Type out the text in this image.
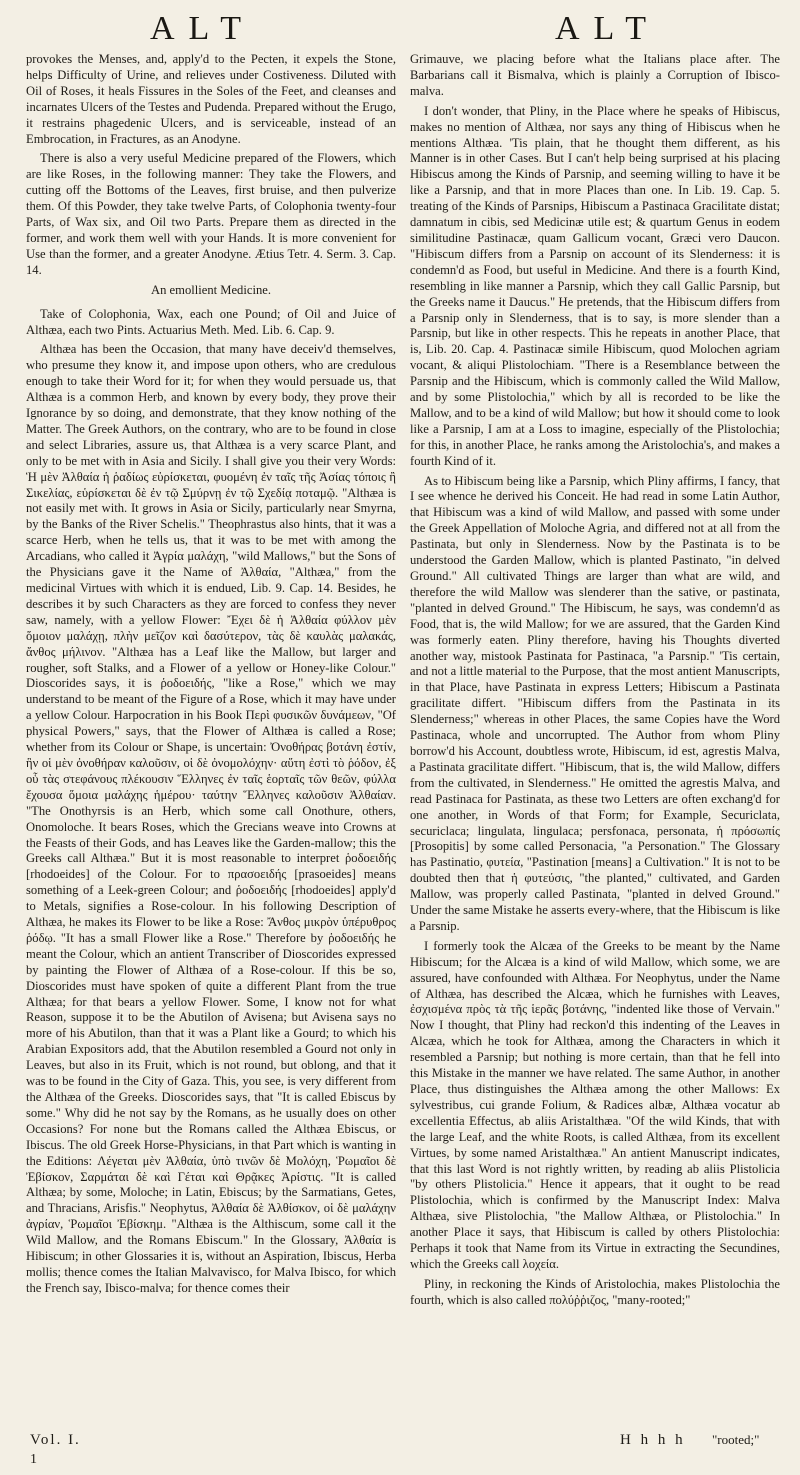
ALT	ALT

provokes the Menses, and, apply'd to the Pecten, it expels the Stone, helps Difficulty of Urine, and relieves under Costiveness. Diluted with Oil of Roses, it heals Fissures in the Soles of the Feet, and cleanses and incarnates Ulcers of the Testes and Pudenda. Prepared without the Erugo, it restrains phagedenic Ulcers, and is serviceable, instead of an Embrocation, in Fractures, as an Anodyne.

There is also a very useful Medicine prepared of the Flowers, which are like Roses, in the following manner: They take the Flowers, and cutting off the Bottoms of the Leaves, first bruise, and then pulverize them. Of this Powder, they take twelve Parts, of Colophonia twenty-four Parts, of Wax six, and Oil two Parts. Prepare them as directed in the former, and work them well with your Hands. It is more convenient for Use than the former, and a greater Anodyne. Ætius Tetr. 4. Serm. 3. Cap. 14.

An emollient Medicine.

Take of Colophonia, Wax, each one Pound; of Oil and Juice of Althæa, each two Pints. Actuarius Meth. Med. Lib. 6. Cap. 9.

Althæa has been the Occasion, that many have deceiv'd themselves, who presume they know it, and impose upon others, who are credulous enough to take their Word for it; for when they would persuade us, that Althæa is a common Herb, and known by every body, they prove their Ignorance by so doing, and demonstrate, that they know nothing of the Matter. The Greek Authors, on the contrary, who are to be found in close and select Libraries, assure us, that Althæa is a very scarce Plant, and only to be met with in Asia and Sicily. I shall give you their very Words: Ἡ μὲν Ἀλθαία ἡ ῥαδίως εὑρίσκεται, φυομένη ἐν ταῖς τῆς Ἀσίας τόποις ἢ Σικελίας, εὑρίσκεται δὲ ἐν τῷ Σμύρνῃ ἐν τῷ Σχεδίᾳ ποταμῷ. "Althæa is not easily met with. It grows in Asia or Sicily, particularly near Smyrna, by the Banks of the River Schelis." Theophrastus also hints, that it was a scarce Herb, when he tells us, that it was to be met with among the Arcadians, who called it Ἀγρία μαλάχη, "wild Mallows," but the Sons of the Physicians gave it the Name of Ἀλθαία, "Althæa," from the medicinal Virtues with which it is endued, Lib. 9. Cap. 14. Besides, he describes it by such Characters as they are forced to confess they never saw, namely, with a yellow Flower: Ἔχει δὲ ἡ Ἀλθαία φύλλον μὲν ὅμοιον μαλάχῃ, πλὴν μεῖζον καὶ δασύτερον, τὰς δὲ καυλὰς μαλακάς, ἄνθος μήλινον. "Althæa has a Leaf like the Mallow, but larger and rougher, soft Stalks, and a Flower of a yellow or Honey-like Colour." Dioscorides says, it is ῥοδοειδής, "like a Rose," which we may understand to be meant of the Figure of a Rose, which it may have under a yellow Colour. Harpocration in his Book Περὶ φυσικῶν δυνάμεων, "Of physical Powers," says, that the Flower of Althæa is called a Rose; whether from its Colour or Shape, is uncertain: Ὀνοθήρας βοτάνη ἐστίν, ἣν οἱ μὲν ὀνοθήραν καλοῦσιν, οἱ δὲ ὀνομολόχην· αὕτη ἐστὶ τὸ ῥόδον, ἐξ οὗ τὰς στεφάνους πλέκουσιν Ἕλληνες ἐν ταῖς ἑορταῖς τῶν θεῶν, φύλλα ἔχουσα ὅμοια μαλάχης ἡμέρου· ταύτην Ἕλληνες καλοῦσιν Ἀλθαίαν. "The Onothyrsis is an Herb, which some call Onothure, others, Onomoloche. It bears Roses, which the Grecians weave into Crowns at the Feasts of their Gods, and has Leaves like the Garden-mallow; this the Greeks call Althæa." But it is most reasonable to interpret ῥοδοειδής [rhodoeides] of the Colour. For to πρασοειδής [prasoeides] means something of a Leek-green Colour; and ῥοδοειδής [rhodoeides] apply'd to Metals, signifies a Rose-colour. In his following Description of Althæa, he makes its Flower to be like a Rose: Ἄνθος μικρὸν ὑπέρυθρος ῥόδῳ. "It has a small Flower like a Rose." Therefore by ῥοδοειδής he meant the Colour, which an antient Transcriber of Dioscorides expressed by painting the Flower of Althæa of a Rose-colour. If this be so, Dioscorides must have spoken of quite a different Plant from the true Althæa; for that bears a yellow Flower. Some, I know not for what Reason, suppose it to be the Abutilon of Avisena; but Avisena says no more of his Abutilon, than that it was a Plant like a Gourd; to which his Arabian Expositors add, that the Abutilon resembled a Gourd not only in Leaves, but also in its Fruit, which is not round, but oblong, and that it was to be found in the City of Gaza. This, you see, is very different from the Althæa of the Greeks. Dioscorides says, that "It is called Ebiscus by some." Why did he not say by the Romans, as he usually does on other Occasions? For none but the Romans called the Althæa Ebiscus, or Ibiscus. The old Greek Horse-Physicians, in that Part which is wanting in the Editions: Λέγεται μὲν Ἀλθαία, ὑπὸ τινῶν δὲ Μολόχη, Ῥωμαῖοι δὲ Ἐβίσκον, Σαρμάται δὲ καὶ Γέται καὶ Θρᾷκες Ἀρίστις. "It is called Althæa; by some, Moloche; in Latin, Ebiscus; by the Sarmatians, Getes, and Thracians, Arisfis." Neophytus, Ἀλθαία δὲ Ἀλθίσκον, οἱ δὲ μαλάχην ἀγρίαν, Ῥωμαῖοι Ἐβίσκημ. "Althæa is the Althiscum, some call it the Wild Mallow, and the Romans Ebiscum." In the Glossary, Ἀλθαία is Hibiscum; in other Glossaries it is, without an Aspiration, Ibiscus, Herba mollis; thence comes the Italian Malvavisco, for Malva Ibisco, for which the French say, Ibisco-malva; for thence comes their

Grimauve, we placing before what the Italians place after. The Barbarians call it Bismalva, which is plainly a Corruption of Ibisco-malva.

I don't wonder, that Pliny, in the Place where he speaks of Hibiscus, makes no mention of Althæa, nor says any thing of Hibiscus when he mentions Althæa. 'Tis plain, that he thought them different, as his Manner is in other Cases. But I can't help being surprised at his placing Hibiscus among the Kinds of Parsnip, and seeming willing to have it be like a Parsnip, and that in more Places than one. In Lib. 19. Cap. 5. treating of the Kinds of Parsnips, Hibiscum a Pastinaca Gracilitate distat; damnatum in cibis, sed Medicinæ utile est; & quartum Genus in eodem similitudine Pastinacæ, quam Gallicum vocant, Græci vero Daucon. "Hibiscum differs from a Parsnip on account of its Slenderness: it is condemn'd as Food, but useful in Medicine. And there is a fourth Kind, resembling in like manner a Parsnip, which they call Gallic Parsnip, but the Greeks name it Daucus." He pretends, that the Hibiscum differs from a Parsnip only in Slenderness, that is to say, is more slender than a Parsnip, but like in other respects. This he repeats in another Place, that is, Lib. 20. Cap. 4. Pastinacæ simile Hibiscum, quod Molochen agriam vocant, & aliqui Plistolochiam. "There is a Resemblance between the Parsnip and the Hibiscum, which is commonly called the Wild Mallow, and by some Plistolochia," which by all is recorded to be like the Mallow, and to be a kind of wild Mallow; but how it should come to look like a Parsnip, I am at a Loss to imagine, especially of the Plistolochia; for this, in another Place, he ranks among the Aristolochia's, and makes a fourth Kind of it.

As to Hibiscum being like a Parsnip, which Pliny affirms, I fancy, that I see whence he derived his Conceit. He had read in some Latin Author, that Hibiscum was a kind of wild Mallow, and passed with some under the Greek Appellation of Moloche Agria, and differed not at all from the Pastinata, but only in Slenderness. Now by the Pastinata is to be understood the Garden Mallow, which is planted Pastinato, "in delved Ground." All cultivated Things are larger than what are wild, and therefore the wild Mallow was slenderer than the sative, or pastinata, "planted in delved Ground." The Hibiscum, he says, was condemn'd as Food, that is, the wild Mallow; for we are assured, that the Garden Kind was formerly eaten. Pliny therefore, having his Thoughts diverted another way, mistook Pastinata for Pastinaca, "a Parsnip." 'Tis certain, and not a little material to the Purpose, that the most antient Manuscripts, in that Place, have Pastinata in express Letters; Hibiscum a Pastinata gracilitate differt. "Hibiscum differs from the Pastinata in its Slenderness;" whereas in other Places, the same Copies have the Word Pastinaca, whole and uncorrupted. The Author from whom Pliny borrow'd his Account, doubtless wrote, Hibiscum, id est, agrestis Malva, a Pastinata gracilitate differt. "Hibiscum, that is, the wild Mallow, differs from the cultivated, in Slenderness." He omitted the agrestis Malva, and read Pastinaca for Pastinata, as these two Letters are often exchang'd for one another, in Words of that Form; for Example, Securiclata, securiclaca; lingulata, lingulaca; persfonaca, personata, ἡ πρόσωπίς [Prosopitis] by some called Personacia, "a Personation." The Glossary has Pastinatio, φυτεία, "Pastination [means] a Cultivation." It is not to be doubted then that ἡ φυτεύσις, "the planted," cultivated, and Garden Mallow, was properly called Pastinata, "planted in delved Ground." Under the same Mistake he asserts every-where, that the Hibiscum is like a Parsnip.

I formerly took the Alcæa of the Greeks to be meant by the Name Hibiscum; for the Alcæa is a kind of wild Mallow, which some, we are assured, have confounded with Althæa. For Neophytus, under the Name of Althæa, has described the Alcæa, which he furnishes with Leaves, ἐσχισμένα πρὸς τὰ τῆς ἱερᾶς βοτάνης, "indented like those of Vervain." Now I thought, that Pliny had reckon'd this indenting of the Leaves in Alcæa, which he took for Althæa, among the Characters in which it resembled a Parsnip; but nothing is more certain, than that he fell into this Mistake in the manner we have related. The same Author, in another Place, thus distinguishes the Althæa among the other Mallows: Ex sylvestribus, cui grande Folium, & Radices albæ, Althæa vocatur ab excellentia Effectus, ab aliis Aristalthæa. "Of the wild Kinds, that with the large Leaf, and the white Roots, is called Althæa, from its excellent Virtues, by some named Aristalthæa." An antient Manuscript indicates, that this last Word is not rightly written, by reading ab aliis Plistolicia "by others Plistolicia." Hence it appears, that it ought to be read Plistolochia, which is confirmed by the Manuscript Index: Malva Althæa, sive Plistolochia, "the Mallow Althæa, or Plistolochia." In another Place it says, that Hibiscum is called by others Plistolochia: Perhaps it took that Name from its Virtue in extracting the Secundines, which the Greeks call λοχεία.

Pliny, in reckoning the Kinds of Aristolochia, makes Plistolochia the fourth, which is also called πολύῤῥιζος, "many-rooted;"

Vol. I.
1
H h h h "rooted;"
